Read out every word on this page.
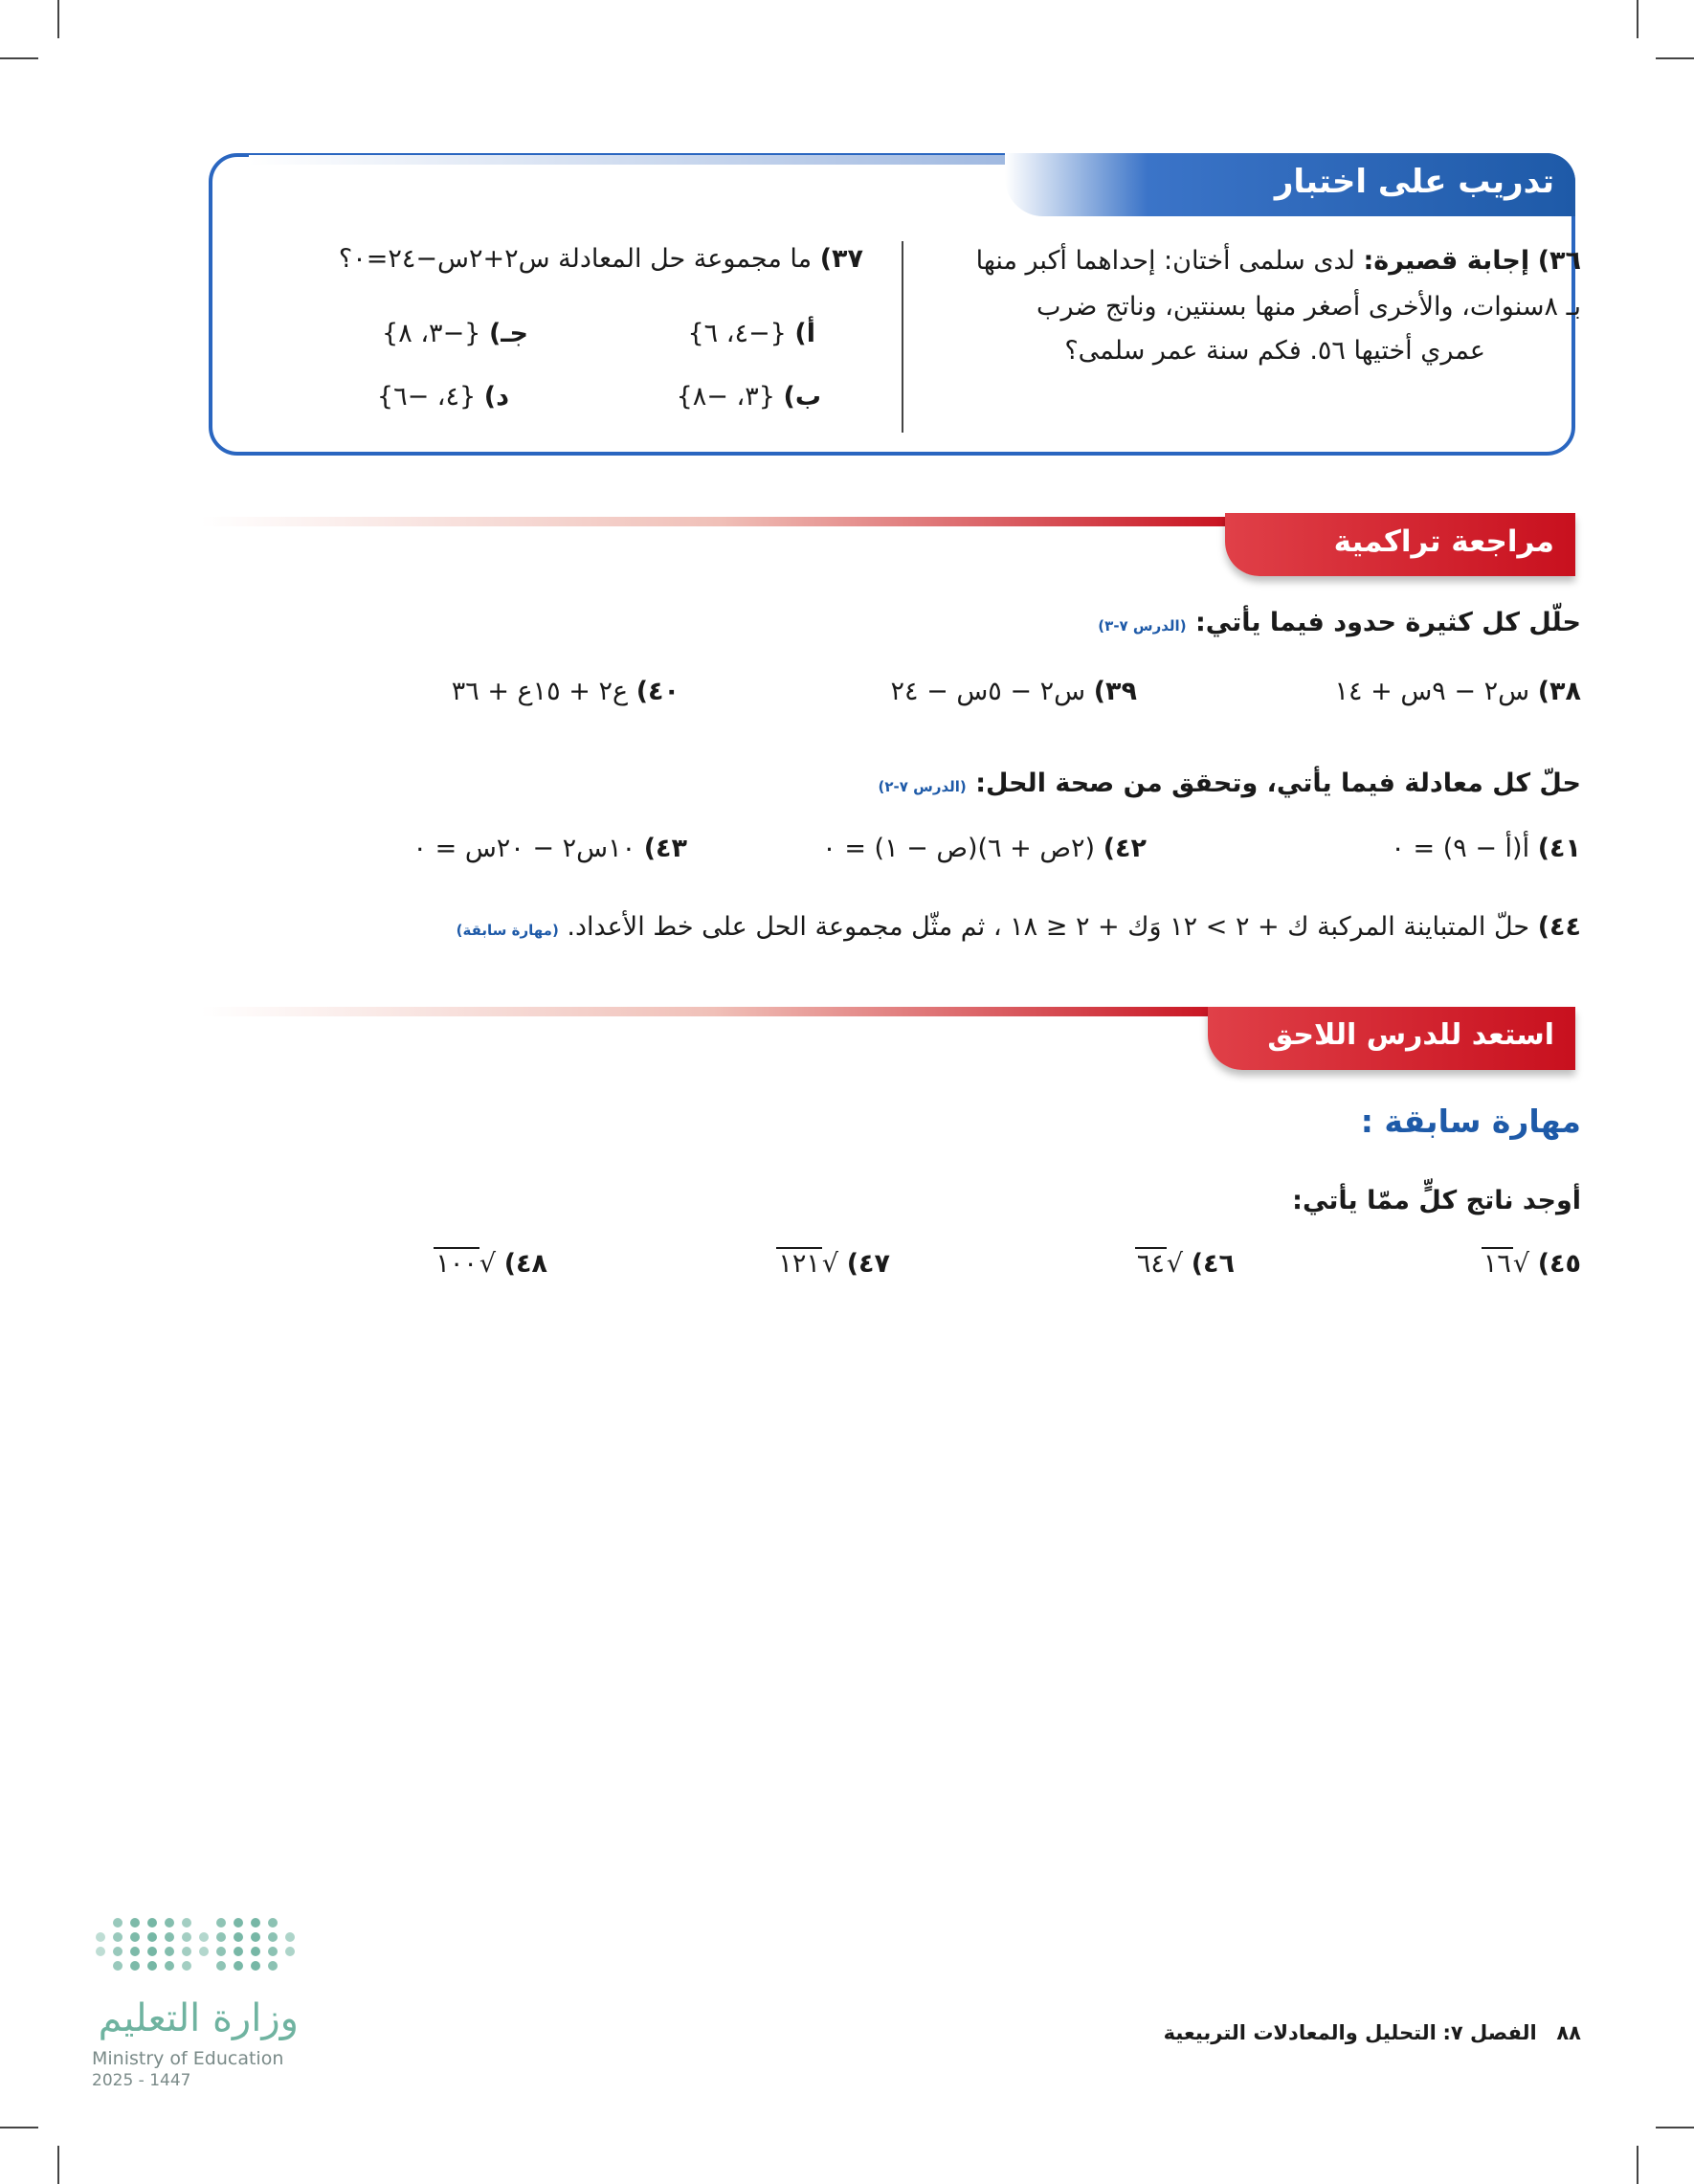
تدريب على اختبار
٣٦) إجابة قصيرة: لدى سلمى أختان: إحداهما أكبر منها
بـ ٨سنوات، والأخرى أصغر منها بسنتين، وناتج ضرب
عمري أختيها ٥٦. فكم سنة عمر سلمى؟
٣٧) ما مجموعة حل المعادلة س٢+٢س−٢٤=٠؟
أ) {−٤، ٦}
جـ) {−٣، ٨}
ب) {٣، −٨}
د) {٤، −٦}
مراجعة تراكمية
حلّل كل كثيرة حدود فيما يأتي: (الدرس ٧-٣)
٣٨) س٢ − ٩س + ١٤
٣٩) س٢ − ٥س − ٢٤
٤٠) ع٢ + ١٥ع + ٣٦
حلّ كل معادلة فيما يأتي، وتحقق من صحة الحل: (الدرس ٧-٢)
٤١) أ(أ − ٩) = ٠
٤٢) (٢ص + ٦)(ص − ١) = ٠
٤٣) ١٠س٢ − ٢٠س = ٠
٤٤) حلّ المتباينة المركبة ك + ٢ > ١٢ وَك + ٢ ≤ ١٨ ، ثم مثّل مجموعة الحل على خط الأعداد. (مهارة سابقة)
استعد للدرس اللاحق
مهارة سابقة :
أوجد ناتج كلٍّ ممّا يأتي:
٤٥) √١٦
٤٦) √٦٤
٤٧) √١٢١
٤٨) √١٠٠
٨٨ الفصل ٧: التحليل والمعادلات التربيعية
وزارة التعليم
Ministry of Education
2025 - 1447
